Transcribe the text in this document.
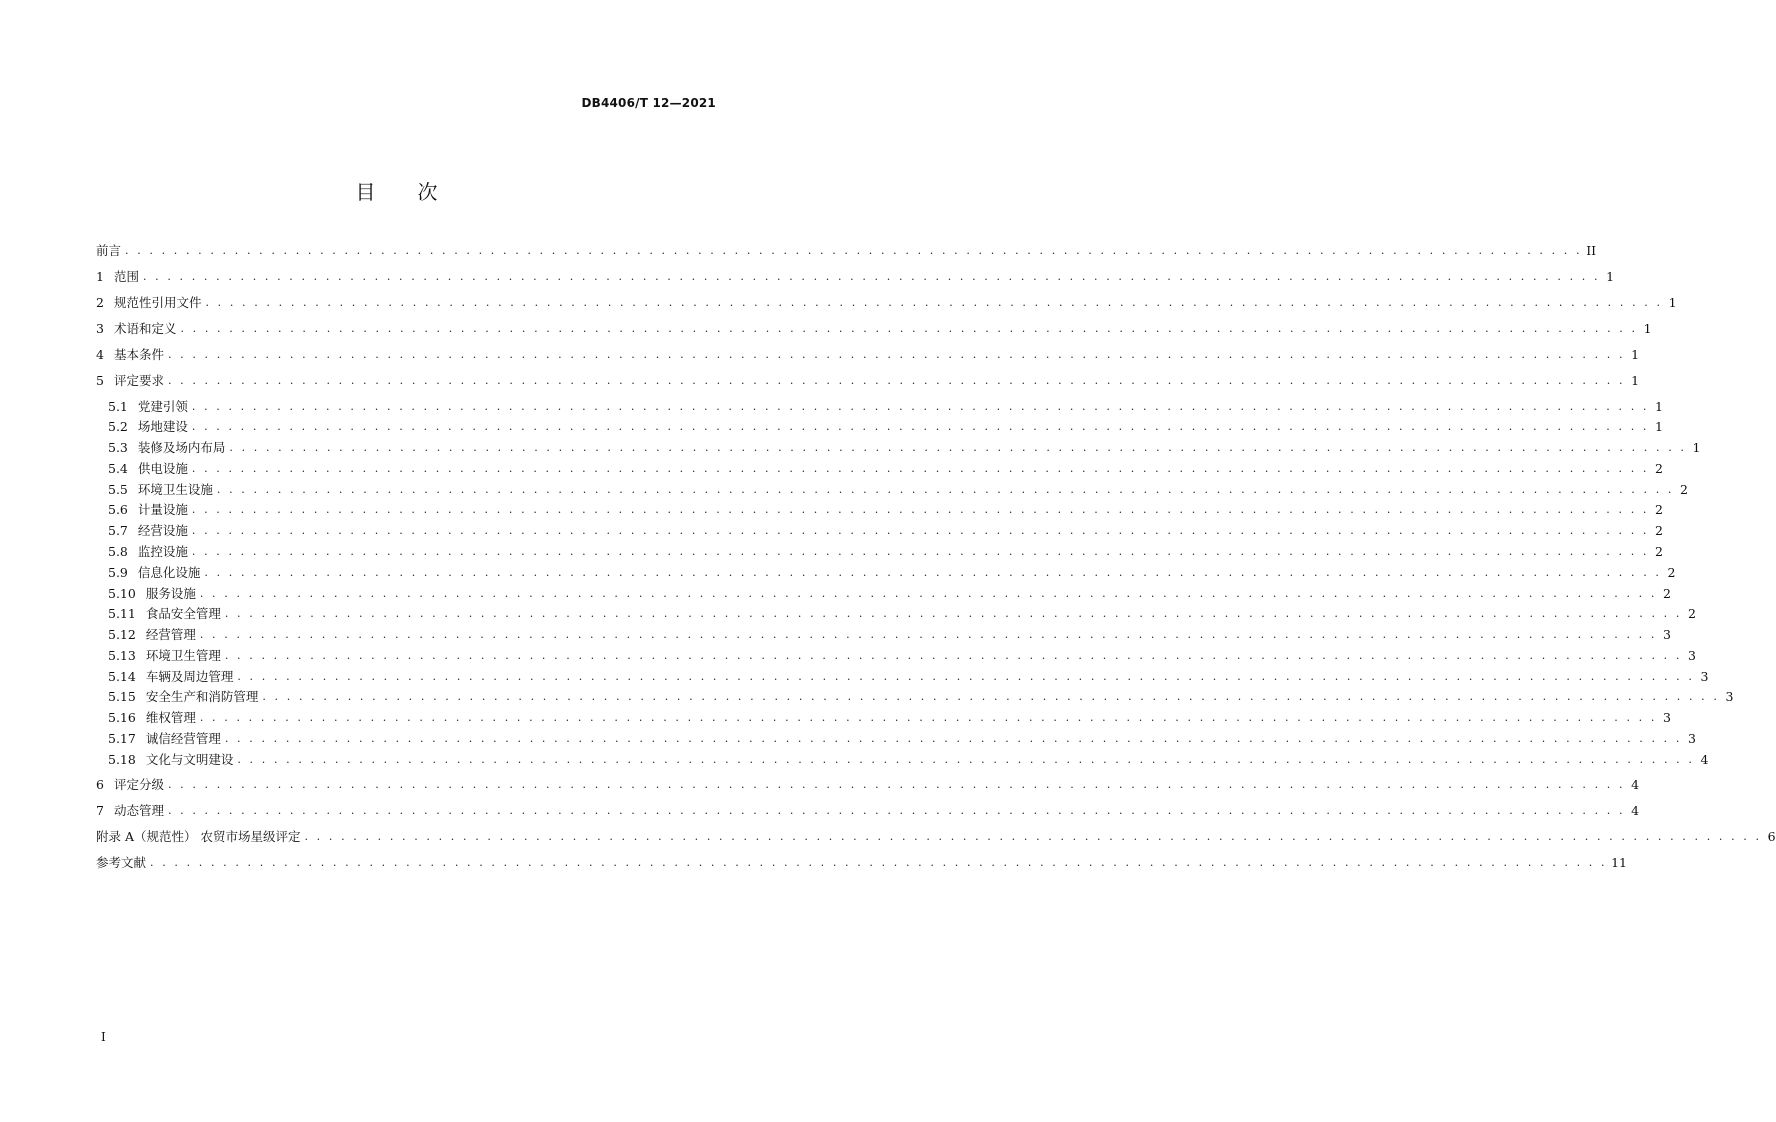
DB4406/T 12—2021
目次
前言 . . . . . . . . . . . . . . . . . . . . . . . . . . . . . . . . . . . . . . . . . . . . . . . . . . . . . . . . . . . . . . . . . . . . . . . . . . . . . . . . . . . . . . . . . . . . . . . . . . . . . . . . . . . . . . . . . . . . . . . . II
1 范围 . . . . . . . . . . . . . . . . . . . . . . . . . . . . . . . . . . . . . . . . . . . . . . . . . . . . . . . . . . . . . . . . . . . . . . . . . . . . . . . . . . . . . . . . . . . . . . . . . . . . . . . . . . . . . . . . . . . . . . . . 1
2 规范性引用文件 . . . . . . . . . . . . . . . . . . . . . . . . . . . . . . . . . . . . . . . . . . . . . . . . . . . . . . . . . . . . . . . . . . . . . . . . . . . . . . . . . . . . . . . . . . . . . . . . . . . . . . . . . . . . . . . . . . . . . . . . 1
3 术语和定义 . . . . . . . . . . . . . . . . . . . . . . . . . . . . . . . . . . . . . . . . . . . . . . . . . . . . . . . . . . . . . . . . . . . . . . . . . . . . . . . . . . . . . . . . . . . . . . . . . . . . . . . . . . . . . . . . . . . . . . . . 1
4 基本条件 . . . . . . . . . . . . . . . . . . . . . . . . . . . . . . . . . . . . . . . . . . . . . . . . . . . . . . . . . . . . . . . . . . . . . . . . . . . . . . . . . . . . . . . . . . . . . . . . . . . . . . . . . . . . . . . . . . . . . . . . 1
5 评定要求 . . . . . . . . . . . . . . . . . . . . . . . . . . . . . . . . . . . . . . . . . . . . . . . . . . . . . . . . . . . . . . . . . . . . . . . . . . . . . . . . . . . . . . . . . . . . . . . . . . . . . . . . . . . . . . . . . . . . . . . . 1
5.1 党建引领 . . . . . . . . . . . . . . . . . . . . . . . . . . . . . . . . . . . . . . . . . . . . . . . . . . . . . . . . . . . . . . . . . . . . . . . . . . . . . . . . . . . . . . . . . . . . . . . . . . . . . . . . . . . . . . . . . . . . . . . . 1
5.2 场地建设 . . . . . . . . . . . . . . . . . . . . . . . . . . . . . . . . . . . . . . . . . . . . . . . . . . . . . . . . . . . . . . . . . . . . . . . . . . . . . . . . . . . . . . . . . . . . . . . . . . . . . . . . . . . . . . . . . . . . . . . . 1
5.3 装修及场内布局 . . . . . . . . . . . . . . . . . . . . . . . . . . . . . . . . . . . . . . . . . . . . . . . . . . . . . . . . . . . . . . . . . . . . . . . . . . . . . . . . . . . . . . . . . . . . . . . . . . . . . . . . . . . . . . . . . . . . . . . . 1
5.4 供电设施 . . . . . . . . . . . . . . . . . . . . . . . . . . . . . . . . . . . . . . . . . . . . . . . . . . . . . . . . . . . . . . . . . . . . . . . . . . . . . . . . . . . . . . . . . . . . . . . . . . . . . . . . . . . . . . . . . . . . . . . . 2
5.5 环境卫生设施 . . . . . . . . . . . . . . . . . . . . . . . . . . . . . . . . . . . . . . . . . . . . . . . . . . . . . . . . . . . . . . . . . . . . . . . . . . . . . . . . . . . . . . . . . . . . . . . . . . . . . . . . . . . . . . . . . . . . . . . . 2
5.6 计量设施 . . . . . . . . . . . . . . . . . . . . . . . . . . . . . . . . . . . . . . . . . . . . . . . . . . . . . . . . . . . . . . . . . . . . . . . . . . . . . . . . . . . . . . . . . . . . . . . . . . . . . . . . . . . . . . . . . . . . . . . . 2
5.7 经营设施 . . . . . . . . . . . . . . . . . . . . . . . . . . . . . . . . . . . . . . . . . . . . . . . . . . . . . . . . . . . . . . . . . . . . . . . . . . . . . . . . . . . . . . . . . . . . . . . . . . . . . . . . . . . . . . . . . . . . . . . . 2
5.8 监控设施 . . . . . . . . . . . . . . . . . . . . . . . . . . . . . . . . . . . . . . . . . . . . . . . . . . . . . . . . . . . . . . . . . . . . . . . . . . . . . . . . . . . . . . . . . . . . . . . . . . . . . . . . . . . . . . . . . . . . . . . . 2
5.9 信息化设施 . . . . . . . . . . . . . . . . . . . . . . . . . . . . . . . . . . . . . . . . . . . . . . . . . . . . . . . . . . . . . . . . . . . . . . . . . . . . . . . . . . . . . . . . . . . . . . . . . . . . . . . . . . . . . . . . . . . . . . . . 2
5.10 服务设施 . . . . . . . . . . . . . . . . . . . . . . . . . . . . . . . . . . . . . . . . . . . . . . . . . . . . . . . . . . . . . . . . . . . . . . . . . . . . . . . . . . . . . . . . . . . . . . . . . . . . . . . . . . . . . . . . . . . . . . . . 2
5.11 食品安全管理 . . . . . . . . . . . . . . . . . . . . . . . . . . . . . . . . . . . . . . . . . . . . . . . . . . . . . . . . . . . . . . . . . . . . . . . . . . . . . . . . . . . . . . . . . . . . . . . . . . . . . . . . . . . . . . . . . . . . . . . . 2
5.12 经营管理 . . . . . . . . . . . . . . . . . . . . . . . . . . . . . . . . . . . . . . . . . . . . . . . . . . . . . . . . . . . . . . . . . . . . . . . . . . . . . . . . . . . . . . . . . . . . . . . . . . . . . . . . . . . . . . . . . . . . . . . . 3
5.13 环境卫生管理 . . . . . . . . . . . . . . . . . . . . . . . . . . . . . . . . . . . . . . . . . . . . . . . . . . . . . . . . . . . . . . . . . . . . . . . . . . . . . . . . . . . . . . . . . . . . . . . . . . . . . . . . . . . . . . . . . . . . . . . . 3
5.14 车辆及周边管理 . . . . . . . . . . . . . . . . . . . . . . . . . . . . . . . . . . . . . . . . . . . . . . . . . . . . . . . . . . . . . . . . . . . . . . . . . . . . . . . . . . . . . . . . . . . . . . . . . . . . . . . . . . . . . . . . . . . . . . . . 3
5.15 安全生产和消防管理 . . . . . . . . . . . . . . . . . . . . . . . . . . . . . . . . . . . . . . . . . . . . . . . . . . . . . . . . . . . . . . . . . . . . . . . . . . . . . . . . . . . . . . . . . . . . . . . . . . . . . . . . . . . . . . . . . . . . . . . . 3
5.16 维权管理 . . . . . . . . . . . . . . . . . . . . . . . . . . . . . . . . . . . . . . . . . . . . . . . . . . . . . . . . . . . . . . . . . . . . . . . . . . . . . . . . . . . . . . . . . . . . . . . . . . . . . . . . . . . . . . . . . . . . . . . . 3
5.17 诚信经营管理 . . . . . . . . . . . . . . . . . . . . . . . . . . . . . . . . . . . . . . . . . . . . . . . . . . . . . . . . . . . . . . . . . . . . . . . . . . . . . . . . . . . . . . . . . . . . . . . . . . . . . . . . . . . . . . . . . . . . . . . . 3
5.18 文化与文明建设 . . . . . . . . . . . . . . . . . . . . . . . . . . . . . . . . . . . . . . . . . . . . . . . . . . . . . . . . . . . . . . . . . . . . . . . . . . . . . . . . . . . . . . . . . . . . . . . . . . . . . . . . . . . . . . . . . . . . . . . . 4
6 评定分级 . . . . . . . . . . . . . . . . . . . . . . . . . . . . . . . . . . . . . . . . . . . . . . . . . . . . . . . . . . . . . . . . . . . . . . . . . . . . . . . . . . . . . . . . . . . . . . . . . . . . . . . . . . . . . . . . . . . . . . . . 4
7 动态管理 . . . . . . . . . . . . . . . . . . . . . . . . . . . . . . . . . . . . . . . . . . . . . . . . . . . . . . . . . . . . . . . . . . . . . . . . . . . . . . . . . . . . . . . . . . . . . . . . . . . . . . . . . . . . . . . . . . . . . . . . 4
附录 A（规范性） 农贸市场星级评定 . . . . . . . . . . . . . . . . . . . . . . . . . . . . . . . . . . . . . . . . . . . . . . . . . . . . . . . . . . . . . . . . . . . . . . . . . . . . . . . . . . . . . . . . . . . . . . . . . . . . . . . . . . . . . . . . . . . . . . . . 6
参考文献 . . . . . . . . . . . . . . . . . . . . . . . . . . . . . . . . . . . . . . . . . . . . . . . . . . . . . . . . . . . . . . . . . . . . . . . . . . . . . . . . . . . . . . . . . . . . . . . . . . . . . . . . . . . . . . . . . . . . . . . . 11
I
